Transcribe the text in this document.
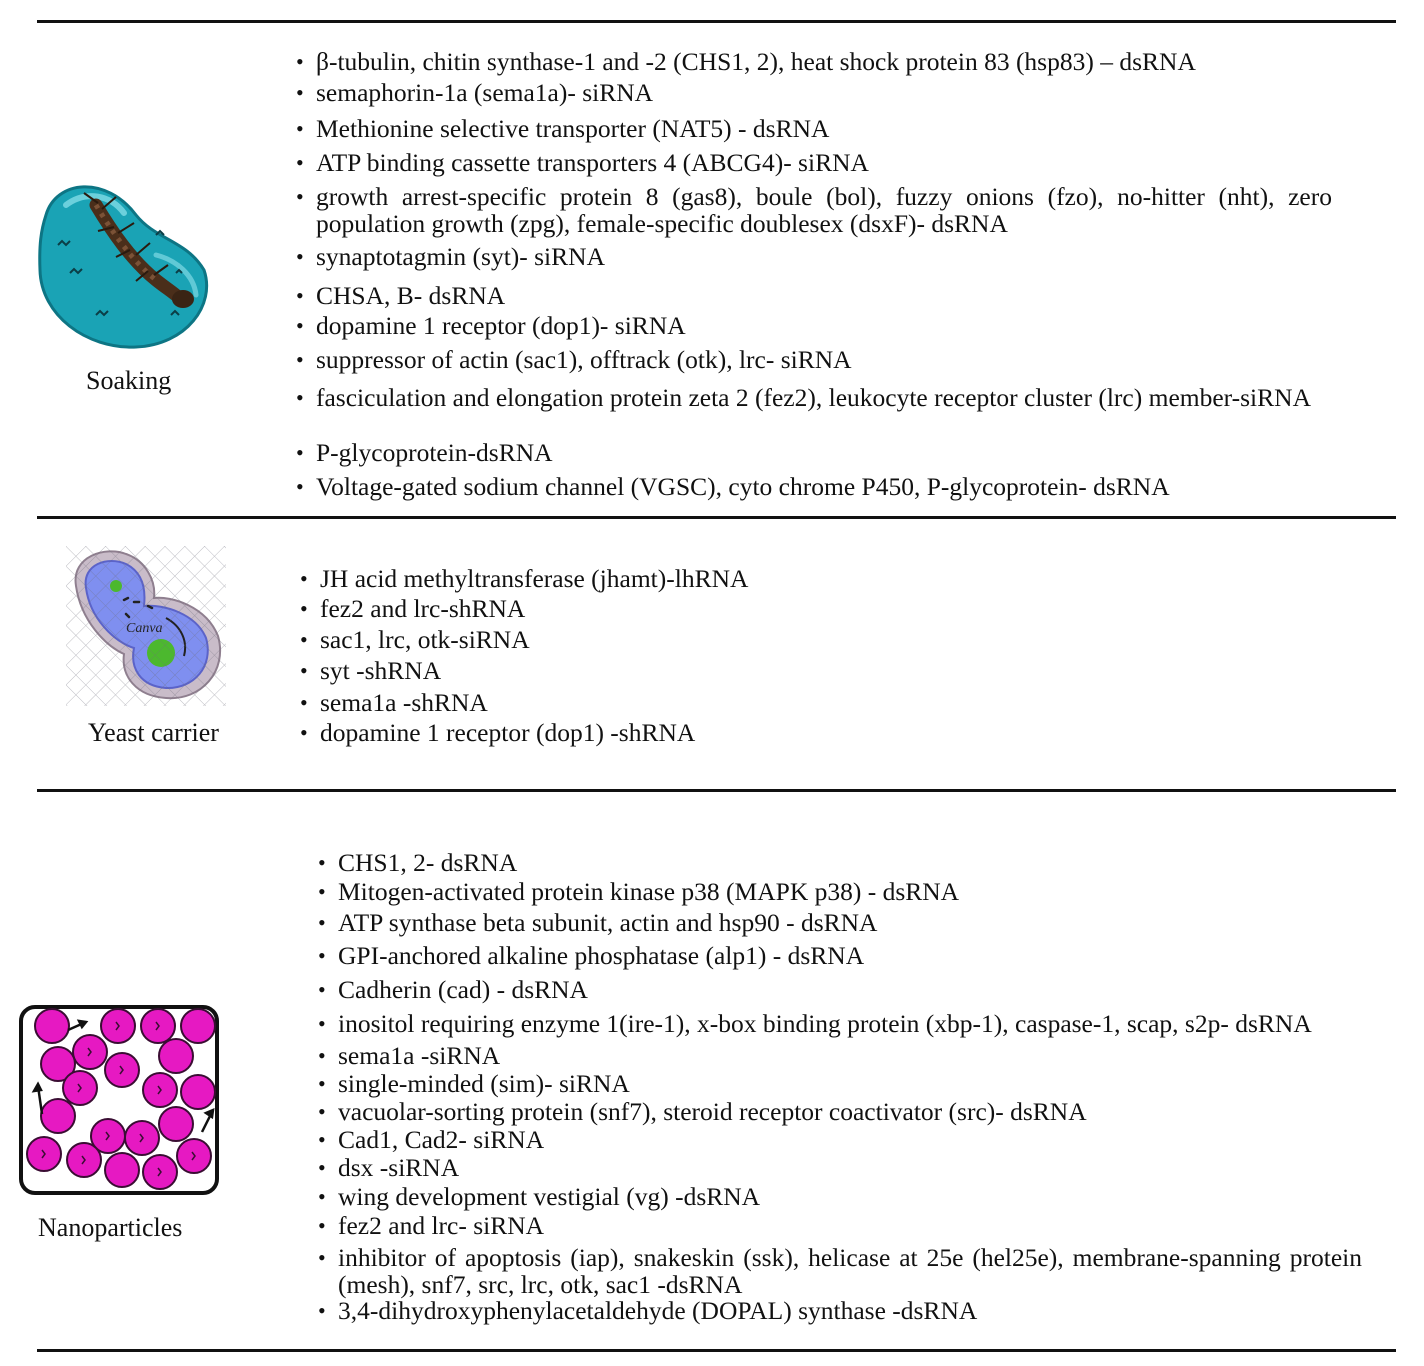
Soaking
• β-tubulin, chitin synthase-1 and -2 (CHS1, 2), heat shock protein 83 (hsp83) – dsRNA
• semaphorin-1a (sema1a)- siRNA
• Methionine selective transporter (NAT5) - dsRNA
• ATP binding cassette transporters 4 (ABCG4)- siRNA
• growth arrest-specific protein 8 (gas8), boule (bol), fuzzy onions (fzo), no-hitter (nht), zero population growth (zpg), female-specific doublesex (dsxF)- dsRNA
• synaptotagmin (syt)- siRNA
• CHSA, B- dsRNA
• dopamine 1 receptor (dop1)- siRNA
• suppressor of actin (sac1), offtrack (otk), lrc- siRNA
• fasciculation and elongation protein zeta 2 (fez2), leukocyte receptor cluster (lrc) member-siRNA
• P-glycoprotein-dsRNA
• Voltage-gated sodium channel (VGSC), cyto chrome P450, P-glycoprotein- dsRNA
Yeast carrier
• JH acid methyltransferase (jhamt)-lhRNA
• fez2 and lrc-shRNA
• sac1, lrc, otk-siRNA
• syt -shRNA
• sema1a -shRNA
• dopamine 1 receptor (dop1) -shRNA
Nanoparticles
• CHS1, 2- dsRNA
• Mitogen-activated protein kinase p38 (MAPK p38) - dsRNA
• ATP synthase beta subunit, actin and hsp90 - dsRNA
• GPI-anchored alkaline phosphatase (alp1) - dsRNA
• Cadherin (cad) - dsRNA
• inositol requiring enzyme 1(ire-1), x-box binding protein (xbp-1), caspase-1, scap, s2p- dsRNA
• sema1a -siRNA
• single-minded (sim)- siRNA
• vacuolar-sorting protein (snf7), steroid receptor coactivator (src)- dsRNA
• Cad1, Cad2- siRNA
• dsx -siRNA
• wing development vestigial (vg) -dsRNA
• fez2 and lrc- siRNA
• inhibitor of apoptosis (iap), snakeskin (ssk), helicase at 25e (hel25e), membrane-spanning protein (mesh), snf7, src, lrc, otk, sac1 -dsRNA
• 3,4-dihydroxyphenylacetaldehyde (DOPAL) synthase -dsRNA
